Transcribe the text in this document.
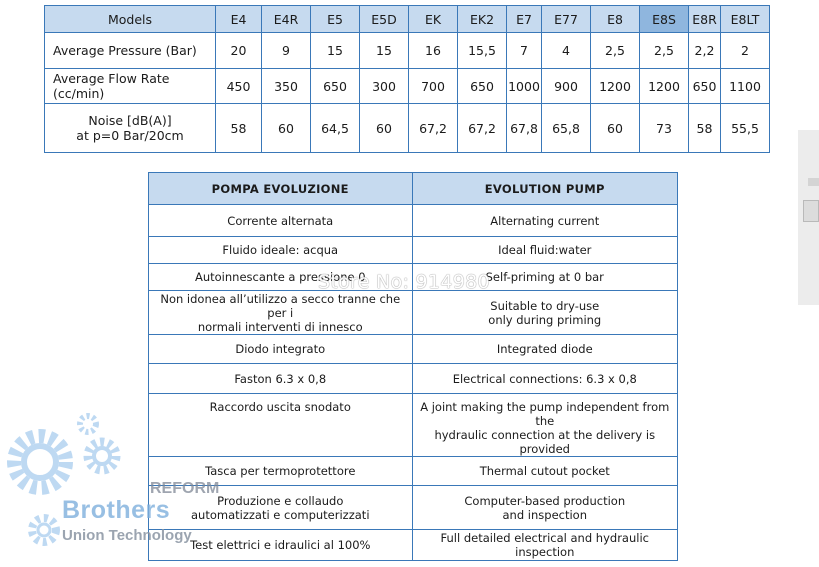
Models	E4	E4R	E5	E5D	EK	EK2	E7	E77	E8	E8S	E8R	E8LT
Average Pressure (Bar)	20	9	15	15	16	15,5	7	4	2,5	2,5	2,2	2
Average Flow Rate (cc/min)	450	350	650	300	700	650	1000	900	1200	1200	650	1100
Noise [dB(A)]
at p=0 Bar/20cm	58	60	64,5	60	67,2	67,2	67,8	65,8	60	73	58	55,5
POMPA EVOLUZIONE	EVOLUTION PUMP
Corrente alternata	Alternating current
Fluido ideale: acqua	Ideal fluid:water
Autoinnescante a pressione 0	Self-priming at 0 bar
Non idonea all’utilizzo a secco tranne che per i
normali interventi di innesco	Suitable to dry-use
only during priming
Diodo integrato	Integrated diode
Faston 6.3 x 0,8	Electrical connections: 6.3 x 0,8
Raccordo uscita snodato	A joint making the pump independent from the
hydraulic connection at the delivery is provided
Tasca per termoprotettore	Thermal cutout pocket
Produzione e collaudo
automatizzati e computerizzati	Computer-based production
and inspection
Test elettrici e idraulici al 100%	Full detailed electrical and hydraulic inspection
Store No: 914980
REFORM
Brothers
Union Technology
